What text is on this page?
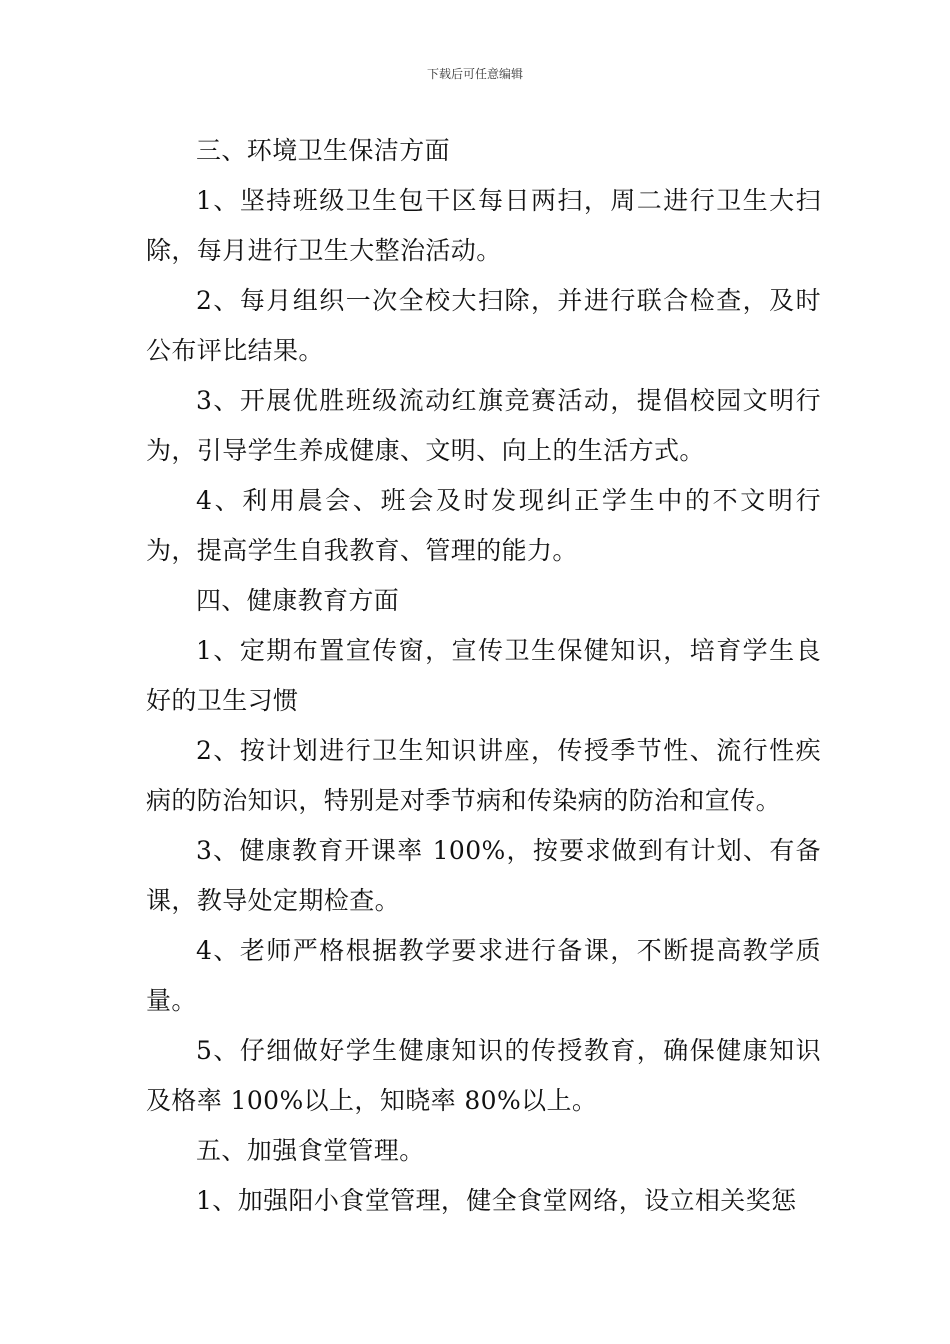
下载后可任意编辑

三、环境卫生保洁方面

1、坚持班级卫生包干区每日两扫，周二进行卫生大扫除，每月进行卫生大整治活动。

2、每月组织一次全校大扫除，并进行联合检查，及时公布评比结果。

3、开展优胜班级流动红旗竞赛活动，提倡校园文明行为，引导学生养成健康、文明、向上的生活方式。

4、利用晨会、班会及时发现纠正学生中的不文明行为，提高学生自我教育、管理的能力。

四、健康教育方面

1、定期布置宣传窗，宣传卫生保健知识，培育学生良好的卫生习惯

2、按计划进行卫生知识讲座，传授季节性、流行性疾病的防治知识，特别是对季节病和传染病的防治和宣传。

3、健康教育开课率 100%，按要求做到有计划、有备课，教导处定期检查。

4、老师严格根据教学要求进行备课，不断提高教学质量。

5、仔细做好学生健康知识的传授教育，确保健康知识及格率 100%以上，知晓率 80%以上。

五、加强食堂管理。

1、加强阳小食堂管理，健全食堂网络，设立相关奖惩
